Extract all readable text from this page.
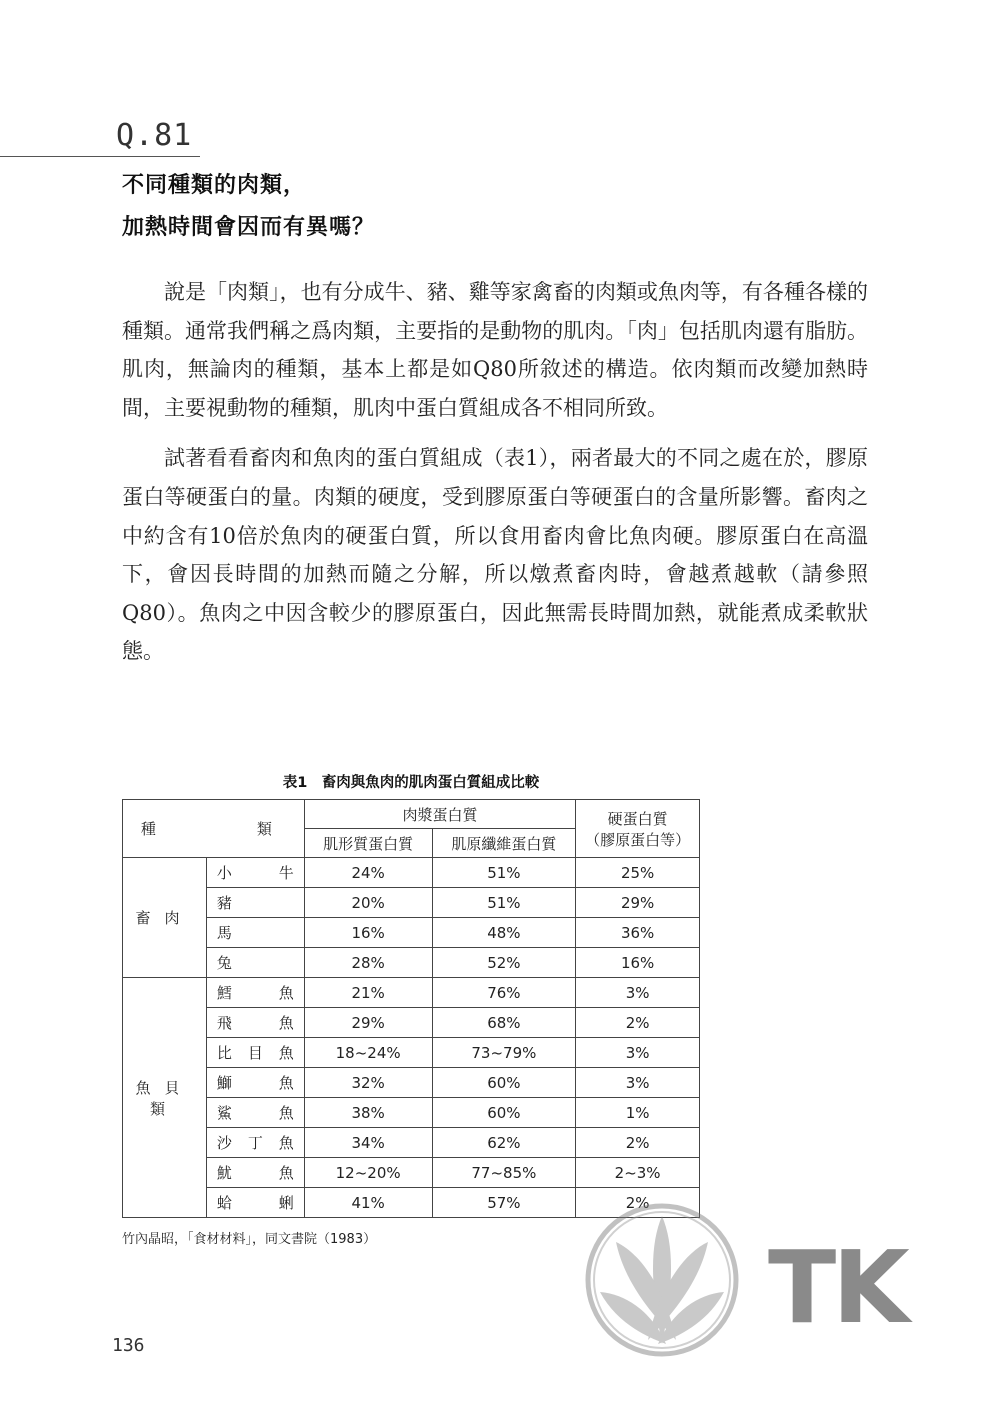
Q.81
不同種類的肉類，
加熱時間會因而有異嗎？

說是「肉類」，也有分成牛、豬、雞等家禽畜的肉類或魚肉等，有各種各樣的種類。通常我們稱之爲肉類，主要指的是動物的肌肉。「肉」包括肌肉還有脂肪。肌肉，無論肉的種類，基本上都是如Q80所敘述的構造。依肉類而改變加熱時間，主要視動物的種類，肌肉中蛋白質組成各不相同所致。

試著看看畜肉和魚肉的蛋白質組成（表1），兩者最大的不同之處在於，膠原蛋白等硬蛋白的量。肉類的硬度，受到膠原蛋白等硬蛋白的含量所影響。畜肉之中約含有10倍於魚肉的硬蛋白質，所以食用畜肉會比魚肉硬。膠原蛋白在高溫下，會因長時間的加熱而隨之分解，所以燉煮畜肉時，會越煮越軟（請參照Q80）。魚肉之中因含較少的膠原蛋白，因此無需長時間加熱，就能煮成柔軟狀態。

表1　畜肉與魚肉的肌肉蛋白質組成比較
種　　　類		肉漿蛋白質		硬蛋白質
（膠原蛋白等）
		肌形質蛋白質	肌原纖維蛋白質	
畜肉	小牛	24%	51%	25%
	豬	20%	51%	29%
	馬	16%	48%	36%
	兔	28%	52%	16%
魚貝類	鱈魚	21%	76%	3%
	飛魚	29%	68%	2%
	比目魚	18~24%	73~79%	3%
	鰤魚	32%	60%	3%
	鯊魚	38%	60%	1%
	沙丁魚	34%	62%	2%
	魷魚	12~20%	77~85%	2~3%
	蛤蜊	41%	57%	2%
竹內晶昭，「食材材料」，同文書院（1983）
136	TK
